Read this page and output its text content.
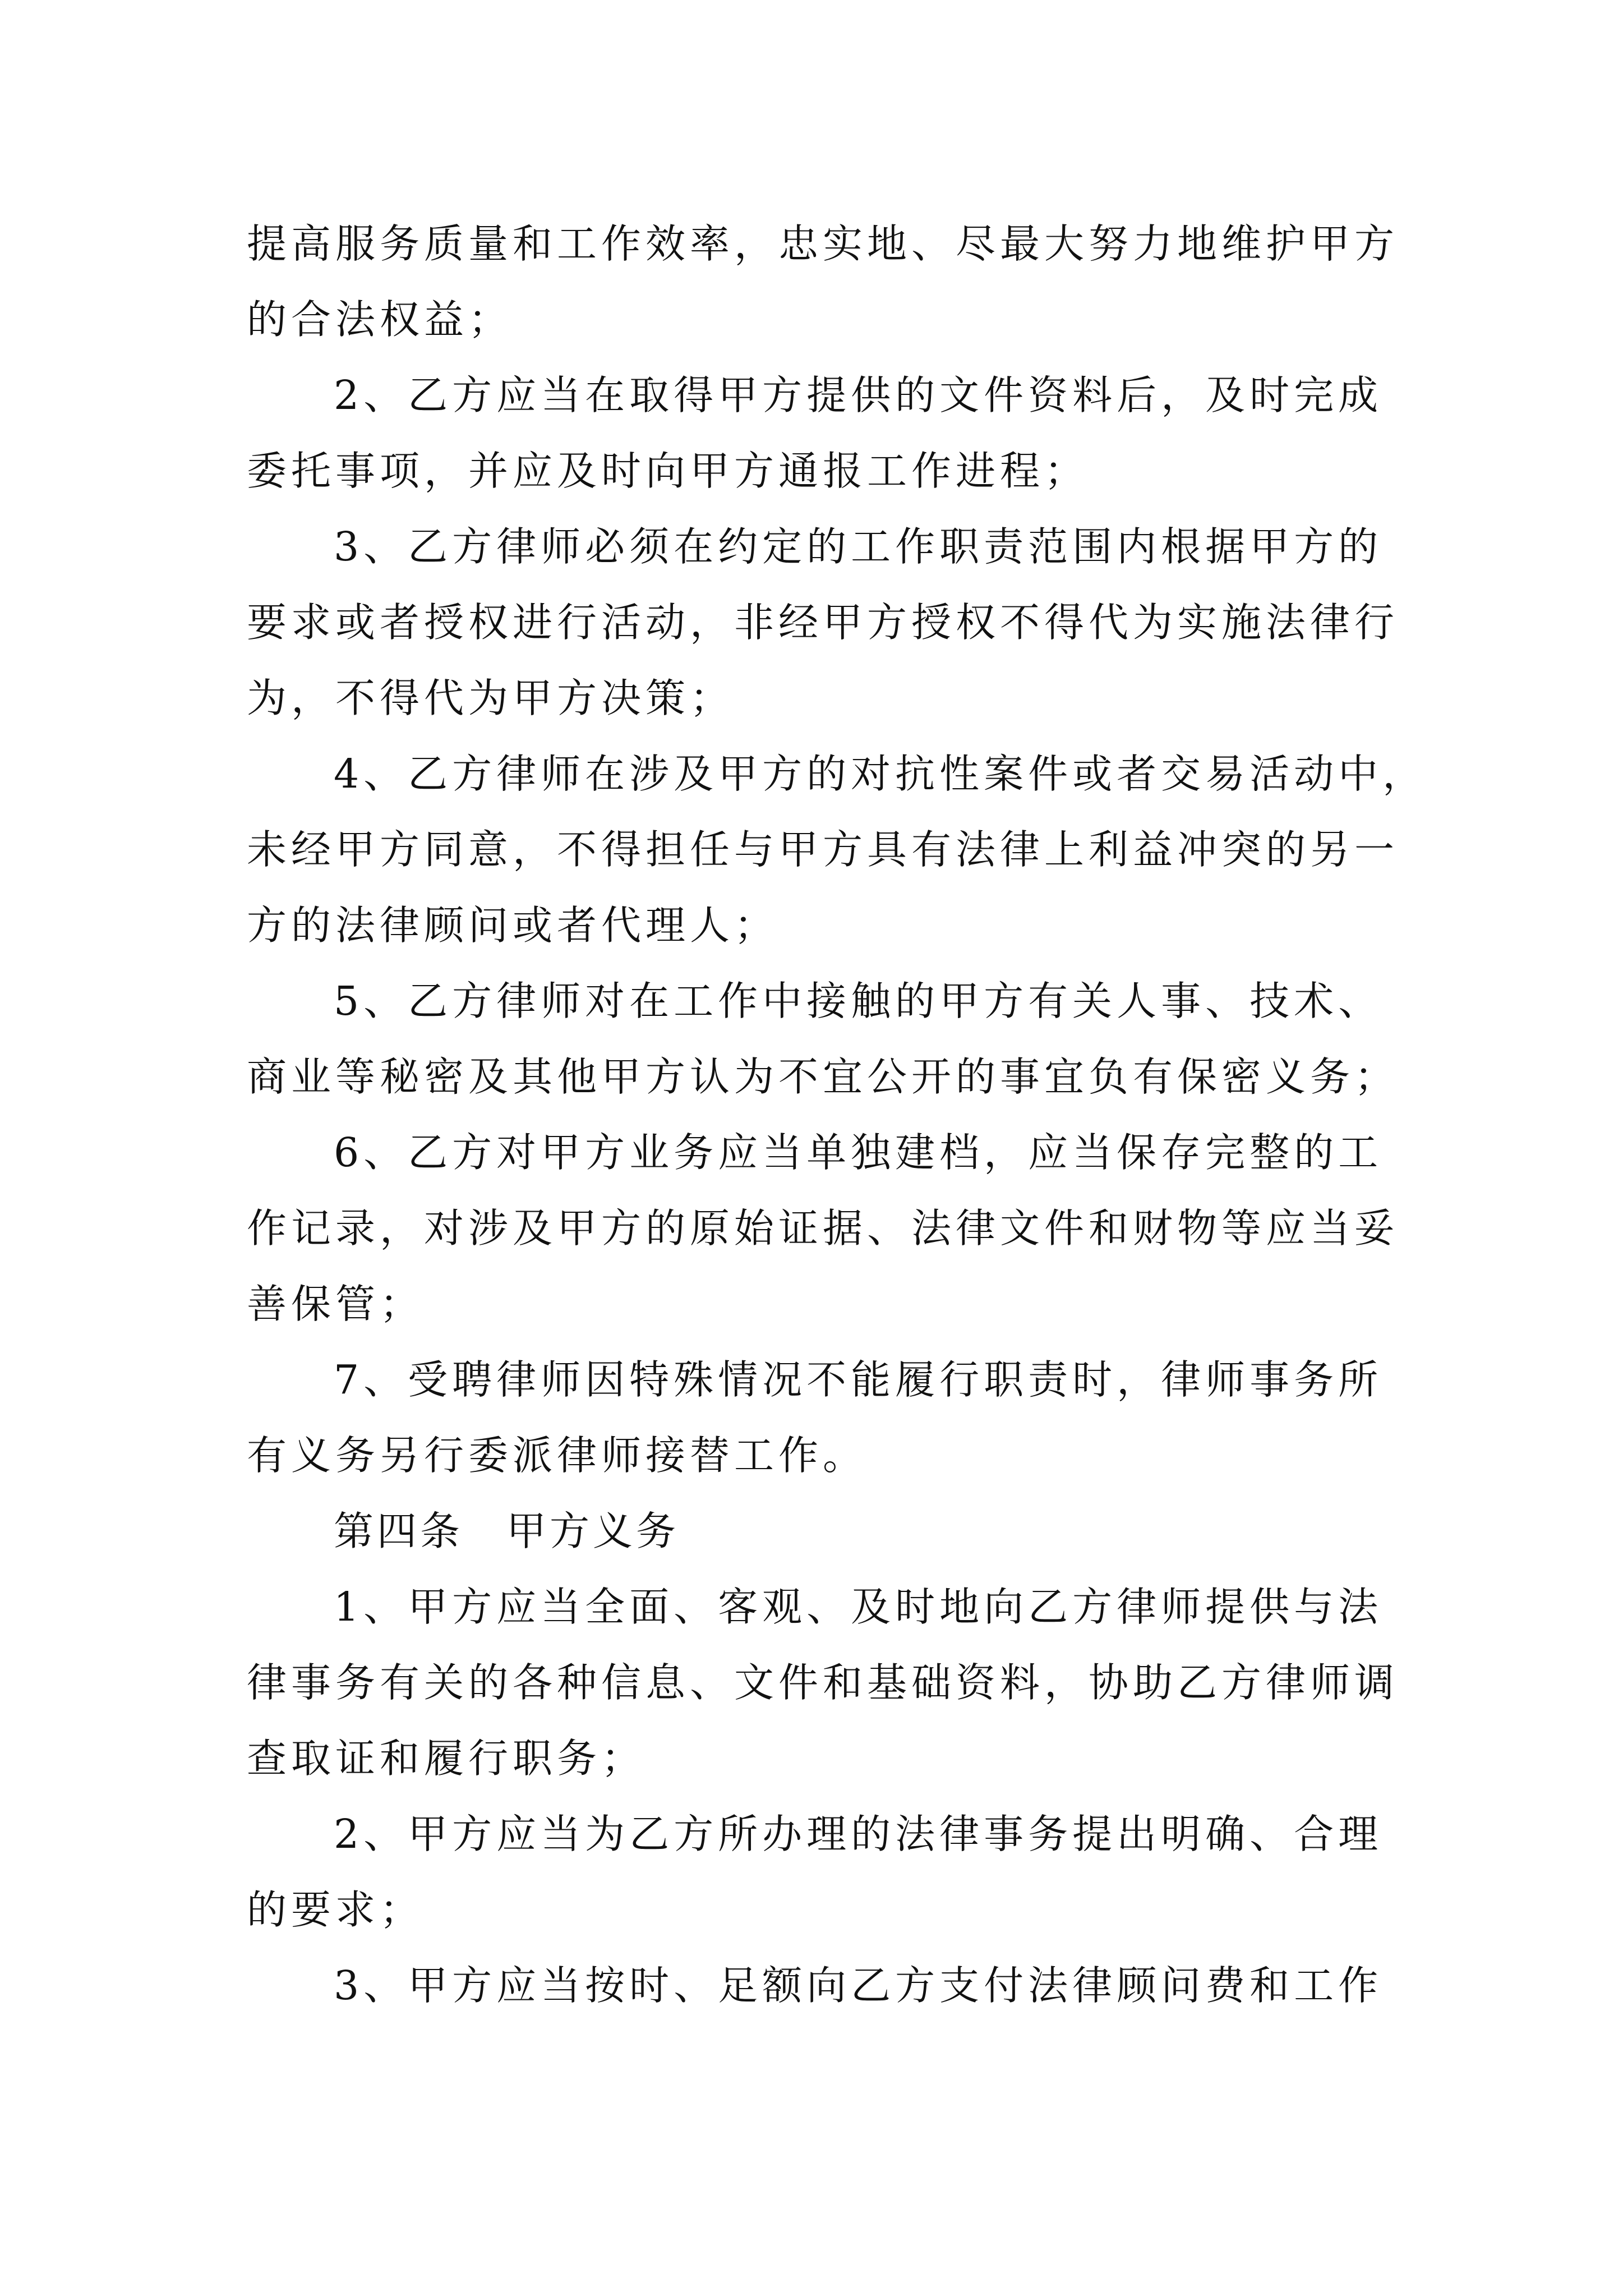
提高服务质量和工作效率，忠实地、尽最大努力地维护甲方
的合法权益；
2、乙方应当在取得甲方提供的文件资料后，及时完成
委托事项，并应及时向甲方通报工作进程；
3、乙方律师必须在约定的工作职责范围内根据甲方的
要求或者授权进行活动，非经甲方授权不得代为实施法律行
为，不得代为甲方决策；
4、乙方律师在涉及甲方的对抗性案件或者交易活动中，
未经甲方同意，不得担任与甲方具有法律上利益冲突的另一
方的法律顾问或者代理人；
5、乙方律师对在工作中接触的甲方有关人事、技术、
商业等秘密及其他甲方认为不宜公开的事宜负有保密义务；
6、乙方对甲方业务应当单独建档，应当保存完整的工
作记录，对涉及甲方的原始证据、法律文件和财物等应当妥
善保管；
7、受聘律师因特殊情况不能履行职责时，律师事务所
有义务另行委派律师接替工作。
第四条　甲方义务
1、甲方应当全面、客观、及时地向乙方律师提供与法
律事务有关的各种信息、文件和基础资料，协助乙方律师调
查取证和履行职务；
2、甲方应当为乙方所办理的法律事务提出明确、合理
的要求；
3、甲方应当按时、足额向乙方支付法律顾问费和工作
